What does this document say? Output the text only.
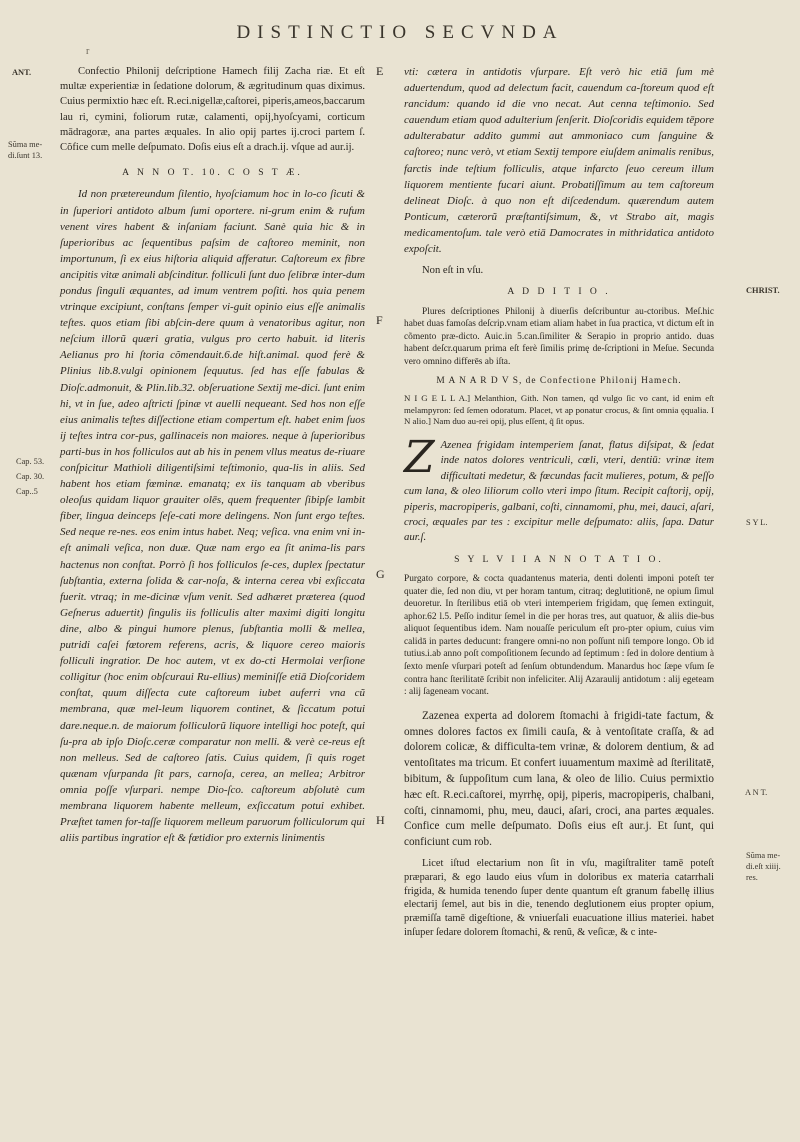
DISTINCTIO SECVNDA
r
ANT.
Sũma me-
di.ſunt 13.
Cap. 53.
Cap. 30.
Cap..5
CHRIST.
S Y L.
A N T.
Sũma me-
di.eſt xiiij.
res.
E
F
G
H

Confectio Philonij deſcriptione Hamech filij Zacha riæ. Et eſt multæ experientiæ in ſedatione dolorum, & ægritudinum quas diximus. Cuius permixtio hæc eſt. R.eci.nigellæ,caſtorei, piperis,ameos,baccarum lau ri, cymini, foliorum rutæ, calamenti, opij,hyoſcyami, corticum mādragoræ, ana partes æquales. In alio opij partes ij.croci partem ſ. Cõfice cum melle deſpumato. Doſis eius eſt a drach.ij. vſque ad aur.ij.

A N N O T. 10. C O S T Æ.

Id non prætereundum ſilentio, hyoſciamum hoc in lo-co ſicuti & in ſuperiori antidoto album ſumi oportere. ni-grum enim & rufum venent vires habent & inſaniam faciunt. Sanè quia hic & in ſuperioribus ac ſequentibus paſsim de caſtoreo meminit, non importunum, ſi ex eius hiſtoria aliquid afferatur. Caſtoreum ex fibre ancipitis vitæ animali abſcinditur. folliculi ſunt duo ſelibræ inter-dum pondus ſinguli æquantes, ad imum ventrem poſiti. hos quia penem vtrinque excipiunt, conſtans ſemper vi-guit opinio eius eſſe animalis teſtes. quos etiam ſibi abſcin-dere quum à venatoribus agitur, non neſcium illorũ quæri gratia, vulgus pro certo habuit. id literis Aelianus pro hi ſtoria cõmendauit.6.de hiſt.animal. quod ferè & Plinius lib.8.vulgi opinionem ſequutus. ſed has eſſe fabulas & Dioſc.admonuit, & Plin.lib.32. obſeruatione Sextij me-dici. ſunt enim hi, vt in ſue, adeo aſtricti ſpinæ vt auelli nequeant. Sed hos non eſſe eius animalis teſtes diſſectione etiam compertum eſt. habet enim ſuos ij teſtes intra cor-pus, gallinaceis non maiores. neque à ſuperioribus parti-bus in hos folliculos aut ab his in penem vllus meatus de-riuare conſpicitur Mathioli diligentiſsimi teſtimonio, qua-lis in aliis. Sed habent hos etiam fœminæ. emanatq; ex iis tanquam ab vberibus oleoſus quidam liquor grauiter olēs, quem frequenter ſibipſe lambit fiber, lingua deinceps ſeſe-cati more delingens. Non ſunt ergo teſtes. Sed neque re-nes. eos enim intus habet. Neq; veſica. vna enim vni in-eſt animali veſica, non duæ. Quæ nam ergo ea ſit anima-lis pars hactenus non conſtat. Porrò ſi hos folliculos ſe-ces, duplex ſpectatur ſubſtantia, externa ſolida & car-noſa, & interna cerea vbi exſiccata fuerit. vtraq; in me-dicinæ vſum venit. Sed adhæret præterea (quod Geſnerus aduertit) ſingulis iis folliculis alter maximi digiti longitu dine, albo & pingui humore plenus, ſubſtantia molli & mellea, putridi caſei fœtorem referens, acris, & liquore cereo maioris folliculi ingratior. De hoc autem, vt ex do-cti Hermolai verſione colligitur (hoc enim obſcuraui Ru-ellius) meminiſſe etiā Dioſcoridem conſtat, quum diſſecta cute caſtoreum iubet auferri vna cũ membrana, quæ mel-leum liquorem continet, & ſiccatum potui dare.neque.n. de maiorum folliculorũ liquore intelligi hoc poteſt, qui ſu-pra ab ipſo Dioſc.ceræ comparatur non melli. & verè ce-reus eſt non melleus. Sed de caſtoreo ſatis. Cuius quidem, ſi quis roget quænam vſurpanda ſit pars, carnoſa, cerea, an mellea; Arbitror omnia poſſe vſurpari. nempe Dio-ſco. caſtoreum abſolutè cum membrana liquorem habente melleum, exſiccatum potui exhibet. Præſtet tamen for-taſſe liquorem melleum paruorum folliculorum qui aliis partibus ingratior eſt & fœtidior pro externis linimentis

vti: cætera in antidotis vſurpare. Eſt verò hic etiā ſum mè aduertendum, quod ad delectum facit, cauendum ca-ſtoreum quod eſt rancidum: quando id die vno necat. Aut cenna teſtimonio. Sed cauendum etiam quod adulterium ſenſerit. Dioſcoridis equidem tēpore adulterabatur addito gummi aut ammoniaco cum ſanguine & caſtoreo; nunc verò, vt etiam Sextij tempore eiuſdem animalis renibus, farctis inde teſtium folliculis, atque infarcto ſeuo cereum illum liquorem mentiente fucari aiunt. Probatiſſimum au tem caſtoreum delineat Dioſc. à quo non eſt diſcedendum. quærendum autem Ponticum, cæterorũ præſtantiſsimum, &, vt Strabo ait, magis medicamentoſum. tale verò etiā Damocrates in mithridatica antidoto expoſcit.

Non eſt in vſu.

A D D I T I O .

Plures deſcriptiones Philonij à diuerſis deſcribuntur au-ctoribus. Meſ.hic habet duas famoſas deſcrip.vnam etiam aliam habet in ſua practica, vt dictum eſt in cõmento præ-dicto. Auic.in 5.can.ſimiliter & Serapio in proprio antido. duas habent deſcr.quarum prima eſt ferè ſimilis primę de-ſcriptioni in Meſue. Secunda vero omnino differēs ab iſta.

M A N A R D V S, de Confectione Philonij Hamech.

N I G E L L A.] Melanthion, Gith. Non tamen, qd vulgo ſic vo cant, id enim eſt melampyron: ſed ſemen odoratum. Placet, vt ap ponatur crocus, & ſint omnia ęqualia. I N alio.] Nam duo au-rei opij, plus eſſent, q̃ ſit opus.

Z Azenea frigidam intemperiem ſanat, flatus diſsipat, & ſedat inde natos dolores ventriculi, cœli, vteri, dentiū: vrinæ item difficultati medetur, & fœcundas facit mulieres, potum, & peſſo cum lana, & oleo liliorum collo vteri impo ſitum. Recipit caſtorij, opij, piperis, macropiperis, galbani, coſti, cinnamomi, phu, mei, dauci, aſari, croci, æquales par tes : excipitur melle deſpumato: aliis, ſapa. Datur aur.ſ.

S Y L V I I A N N O T A T I O.

Purgato corpore, & cocta quadantenus materia, denti dolenti imponi poteſt ter quater die, ſed non diu, vt per horam tantum, citraq; deglutitionē, ne opium ſimul deuoretur. In ſterilibus etiā ob vteri intemperiem frigidam, quę ſemen extinguit, aphor.62 l.5. Peſſo inditur ſemel in die per horas tres, aut quatuor, & aliis die-bus aliquot ſequentibus idem. Nam nouaſſe periculum eſt pro-pter opium, cuius vim calidā in partes deducunt: frangere omni-no non poſſunt niſi tempore longo. Ob id tutius.i.ab anno poſt compoſitionem ſecundo ad ſeptimum : ſed in dolore dentium à ſexto menſe vſurpari poteſt ad ſenſum obtundendum. Manardus hoc ſæpe vſum ſe contra hanc ſterilitatē ſcribit non infeliciter. Alij Azaraulij antidotum : alij egeteam : alij ſageneam vocant.

Zazenea experta ad dolorem ſtomachi à frigidi-tate factum, & omnes dolores factos ex ſimili cauſa, & à ventoſitate craſſa, & ad dolorem colicæ, & difficulta-tem vrinæ, & dolorem dentium, & ad ventoſitates ma tricum. Et confert iuuamentum maximè ad ſterilitatē, bibitum, & ſuppoſitum cum lana, & oleo de lilio. Cuius permixtio hæc eſt. R.eci.caſtorei, myrrhę, opij, piperis, macropiperis, chalbani, coſti, cinnamomi, phu, meu, dauci, aſari, croci, ana partes æquales. Confice cum melle deſpumato. Doſis eius eſt aur.j. Et ſunt, qui conficiunt cum rob.

Licet iſtud electarium non ſit in vſu, magiſtraliter tamē poteſt præparari, & ego laudo eius vſum in doloribus ex materia catarrhali frigida, & humida tenendo ſuper dente quantum eſt granum fabellę illius electarij ſemel, aut bis in die, tenendo deglutionem eius propter opium, præmiſſa tamē digeſtione, & vniuerſali euacuatione illius materiei. habet inſuper ſedare dolorem ſtomachi, & renũ, & veſicæ, & c inte-
